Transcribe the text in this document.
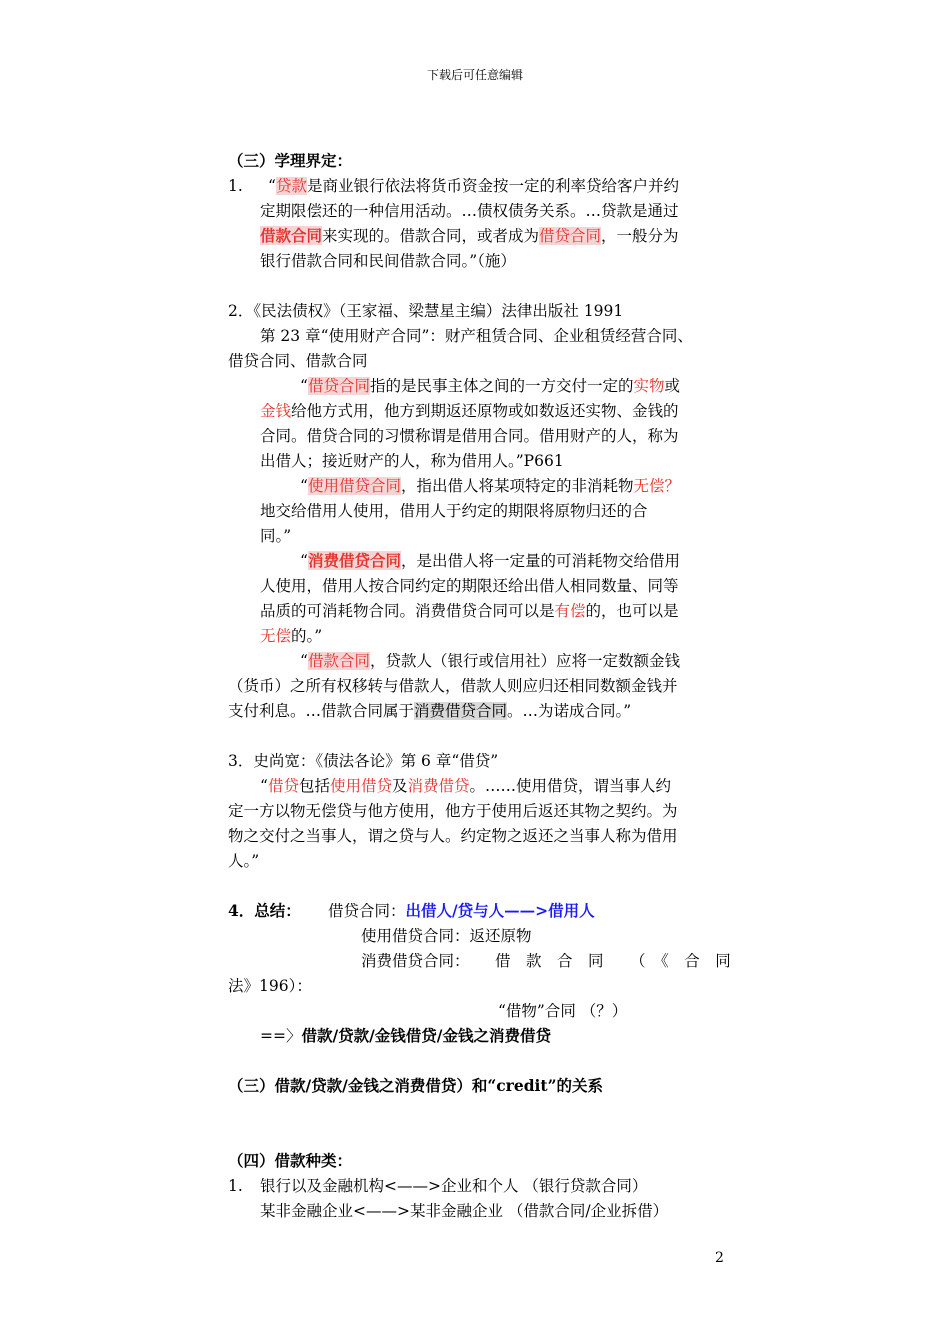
下载后可任意编辑
（三）学理界定：
1. “贷款是商业银行依法将货币资金按一定的利率贷给客户并约
定期限偿还的一种信用活动。…债权债务关系。…贷款是通过
借款合同来实现的。借款合同，或者成为借贷合同，一般分为
银行借款合同和民间借款合同。”（施）
2．《民法债权》（王家福、梁慧星主编）法律出版社 1991
第 23 章“使用财产合同”：财产租赁合同、企业租赁经营合同、
借贷合同、借款合同
“借贷合同指的是民事主体之间的一方交付一定的实物或
金钱给他方式用，他方到期返还原物或如数返还实物、金钱的
合同。借贷合同的习惯称谓是借用合同。借用财产的人，称为
出借人；接近财产的人，称为借用人。”P661
“使用借贷合同，指出借人将某项特定的非消耗物无偿？
地交给借用人使用，借用人于约定的期限将原物归还的合
同。”
“消费借贷合同，是出借人将一定量的可消耗物交给借用
人使用，借用人按合同约定的期限还给出借人相同数量、同等
品质的可消耗物合同。消费借贷合同可以是有偿的，也可以是
无偿的。”
“借款合同，贷款人（银行或信用社）应将一定数额金钱
（货币）之所有权移转与借款人，借款人则应归还相同数额金钱并
支付利息。…借款合同属于消费借贷合同。…为诺成合同。”
3．史尚宽：《债法各论》第 6 章“借贷”
“借贷包括使用借贷及消费借贷。……使用借贷，谓当事人约
定一方以物无偿贷与他方使用，他方于使用后返还其物之契约。为
物之交付之当事人，谓之贷与人。约定物之返还之当事人称为借用
人。”
4．总结： 借贷合同：出借人/贷与人——>借用人
使用借贷合同：返还原物
消费借贷合同： 借　款　合　同 （　《　合　同
法》196）：
“借物”合同 （？）
==〉借款/贷款/金钱借贷/金钱之消费借贷
（三）借款/贷款/金钱之消费借贷）和“credit”的关系
（四）借款种类：
1. 银行以及金融机构<——>企业和个人 （银行贷款合同）
某非金融企业<——>某非金融企业 （借款合同/企业拆借）
2
